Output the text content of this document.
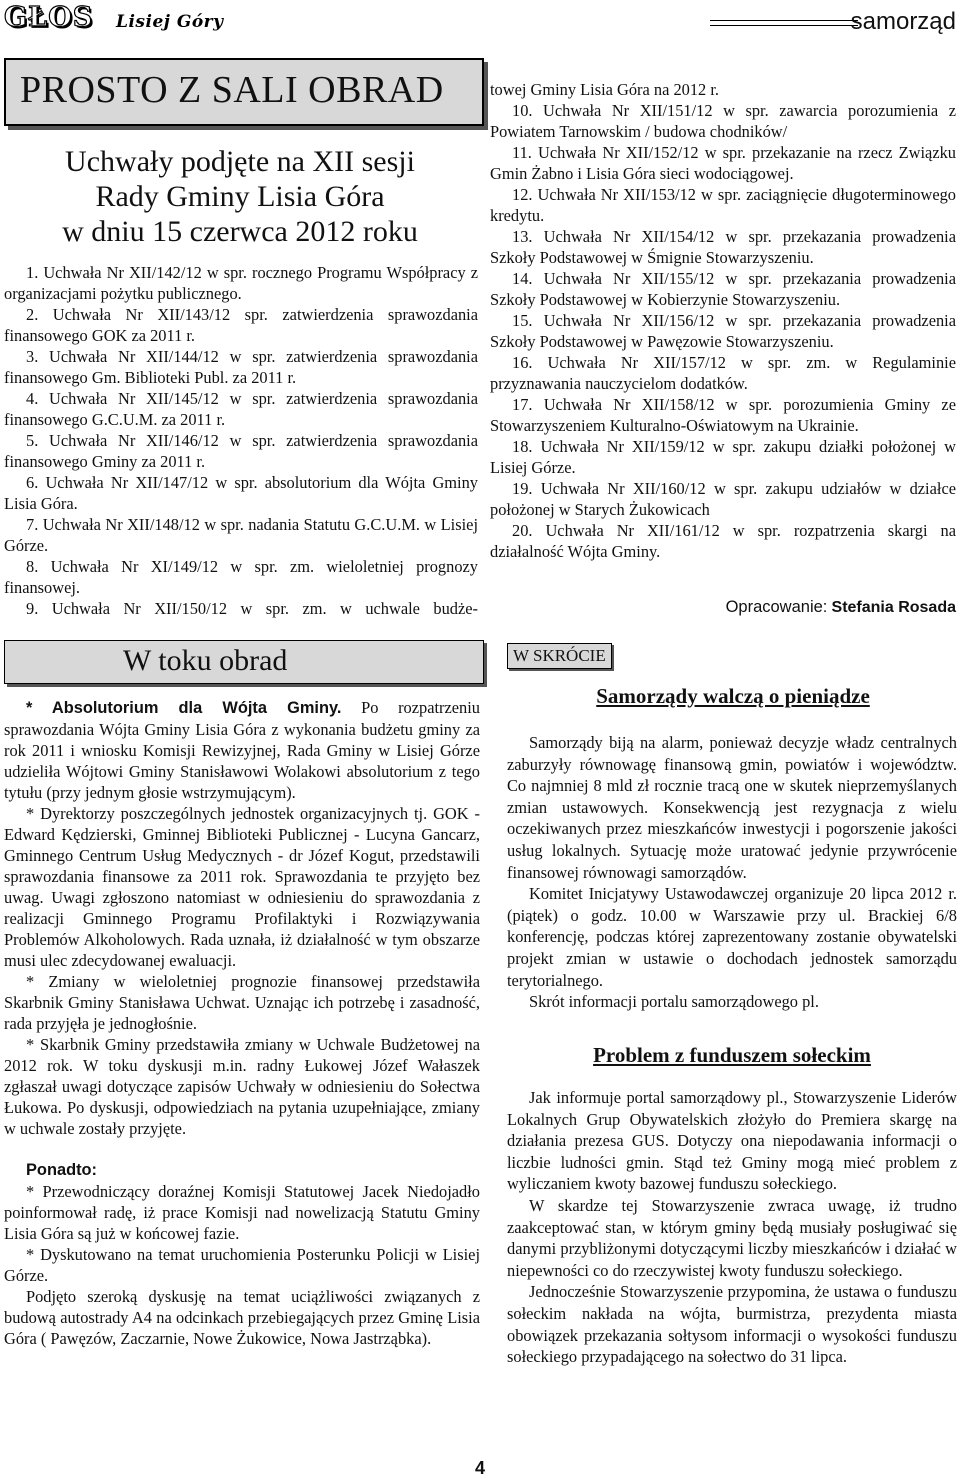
GŁOS Lisiej Góry	samorząd
PROSTO Z SALI OBRAD
Uchwały podjęte na XII sesji
Rady Gminy Lisia Góra
w dniu 15 czerwca 2012 roku

1. Uchwała Nr XII/142/12 w spr. rocznego Programu Współpracy z organizacjami pożytku publicznego.

2. Uchwała Nr XII/143/12 spr. zatwierdzenia sprawozdania finansowego GOK za 2011 r.

3. Uchwała Nr XII/144/12 w spr. zatwierdzenia sprawozdania finansowego Gm. Biblioteki Publ. za 2011 r.

4. Uchwała Nr XII/145/12 w spr. zatwierdzenia sprawozdania finansowego G.C.U.M. za 2011 r.

5. Uchwała Nr XII/146/12 w spr. zatwierdzenia sprawozdania finansowego Gminy za 2011 r.

6. Uchwała Nr XII/147/12 w spr. absolutorium dla Wójta Gminy Lisia Góra.

7. Uchwała Nr XII/148/12 w spr. nadania Statutu G.C.U.M. w Lisiej Górze.

8. Uchwała Nr XI/149/12 w spr. zm. wieloletniej prognozy finansowej.

9. Uchwała Nr XII/150/12 w spr. zm. w uchwale budże-

towej Gminy Lisia Góra na 2012 r.

10. Uchwała Nr XII/151/12 w spr. zawarcia porozumienia z Powiatem Tarnowskim / budowa chodników/

11. Uchwała Nr XII/152/12 w spr. przekazanie na rzecz Związku Gmin Żabno i Lisia Góra sieci wodociągowej.

12. Uchwała Nr XII/153/12 w spr. zaciągnięcie długoterminowego kredytu.

13. Uchwała Nr XII/154/12 w spr. przekazania prowadzenia Szkoły Podstawowej w Śmignie Stowarzyszeniu.

14. Uchwała Nr XII/155/12 w spr. przekazania prowadzenia Szkoły Podstawowej w Kobierzynie Stowarzyszeniu.

15. Uchwała Nr XII/156/12 w spr. przekazania prowadzenia Szkoły Podstawowej w Pawęzowie Stowarzyszeniu.

16. Uchwała Nr XII/157/12 w spr. zm. w Regulaminie przyznawania nauczycielom dodatków.

17. Uchwała Nr XII/158/12 w spr. porozumienia Gminy ze Stowarzyszeniem Kulturalno-Oświatowym na Ukrainie.

18. Uchwała Nr XII/159/12 w spr. zakupu działki położonej w Lisiej Górze.

19. Uchwała Nr XII/160/12 w spr. zakupu udziałów w działce położonej w Starych Żukowicach

20. Uchwała Nr XII/161/12 w spr. rozpatrzenia skargi na działalność Wójta Gminy.

Opracowanie: Stefania Rosada
W toku obrad

* Absolutorium dla Wójta Gminy. Po rozpatrzeniu sprawozdania Wójta Gminy Lisia Góra z wykonania budżetu gminy za rok 2011 i wniosku Komisji Rewizyjnej, Rada Gminy w Lisiej Górze udzieliła Wójtowi Gminy Stanisławowi Wolakowi absolutorium z tego tytułu (przy jednym głosie wstrzymującym).

* Dyrektorzy poszczególnych jednostek organizacyjnych tj. GOK - Edward Kędzierski, Gminnej Biblioteki Publicznej - Lucyna Gancarz, Gminnego Centrum Usług Medycznych - dr Józef Kogut, przedstawili sprawozdania finansowe za 2011 rok. Sprawozdania te przyjęto bez uwag. Uwagi zgłoszono natomiast w odniesieniu do sprawozdania z realizacji Gminnego Programu Profilaktyki i Rozwiązywania Problemów Alkoholowych. Rada uznała, iż działalność w tym obszarze musi ulec zdecydowanej ewaluacji.

* Zmiany w wieloletniej prognozie finansowej przedstawiła Skarbnik Gminy Stanisława Uchwat. Uznając ich potrzebę i zasadność, rada przyjęła je jednogłośnie.

* Skarbnik Gminy przedstawiła zmiany w Uchwale Budżetowej na 2012 rok. W toku dyskusji m.in. radny Łukowej Józef Wałaszek zgłaszał uwagi dotyczące zapisów Uchwały w odniesieniu do Sołectwa Łukowa. Po dyskusji, odpowiedziach na pytania uzupełniające, zmiany w uchwale zostały przyjęte.

Ponadto:

* Przewodniczący doraźnej Komisji Statutowej Jacek Niedojadło poinformował radę, iż prace Komisji nad nowelizacją Statutu Gminy Lisia Góra są już w końcowej fazie.

* Dyskutowano na temat uruchomienia Posterunku Policji w Lisiej Górze.

Podjęto szeroką dyskusję na temat uciążliwości związanych z budową autostrady A4 na odcinkach przebiegających przez Gminę Lisia Góra ( Pawęzów, Zaczarnie, Nowe Żukowice, Nowa Jastrząbka).

W SKRÓCIE
Samorządy walczą o pieniądze

Samorządy biją na alarm, ponieważ decyzje władz centralnych zaburzyły równowagę finansową gmin, powiatów i województw. Co najmniej 8 mld zł rocznie tracą one w skutek nieprzemyślanych zmian ustawowych. Konsekwencją jest rezygnacja z wielu oczekiwanych przez mieszkańców inwestycji i pogorszenie jakości usług lokalnych. Sytuację może uratować jedynie przywrócenie finansowej równowagi samorządów.

Komitet Inicjatywy Ustawodawczej organizuje 20 lipca 2012 r. (piątek) o godz. 10.00 w Warszawie przy ul. Brackiej 6/8 konferencję, podczas której zaprezentowany zostanie obywatelski projekt zmian w ustawie o dochodach jednostek samorządu terytorialnego.

Skrót informacji portalu samorządowego pl.

Problem z funduszem sołeckim

Jak informuje portal samorządowy pl., Stowarzyszenie Liderów Lokalnych Grup Obywatelskich złożyło do Premiera skargę na działania prezesa GUS. Dotyczy ona niepodawania informacji o liczbie ludności gmin. Stąd też Gminy mogą mieć problem z wyliczaniem kwoty bazowej funduszu sołeckiego.

W skardze tej Stowarzyszenie zwraca uwagę, iż trudno zaakceptować stan, w którym gminy będą musiały posługiwać się danymi przybliżonymi dotyczącymi liczby mieszkańców i działać w niepewności co do rzeczywistej kwoty funduszu sołeckiego.

Jednocześnie Stowarzyszenie przypomina, że ustawa o funduszu sołeckim nakłada na wójta, burmistrza, prezydenta miasta obowiązek przekazania sołtysom informacji o wysokości funduszu sołeckiego przypadającego na sołectwo do 31 lipca.

4
